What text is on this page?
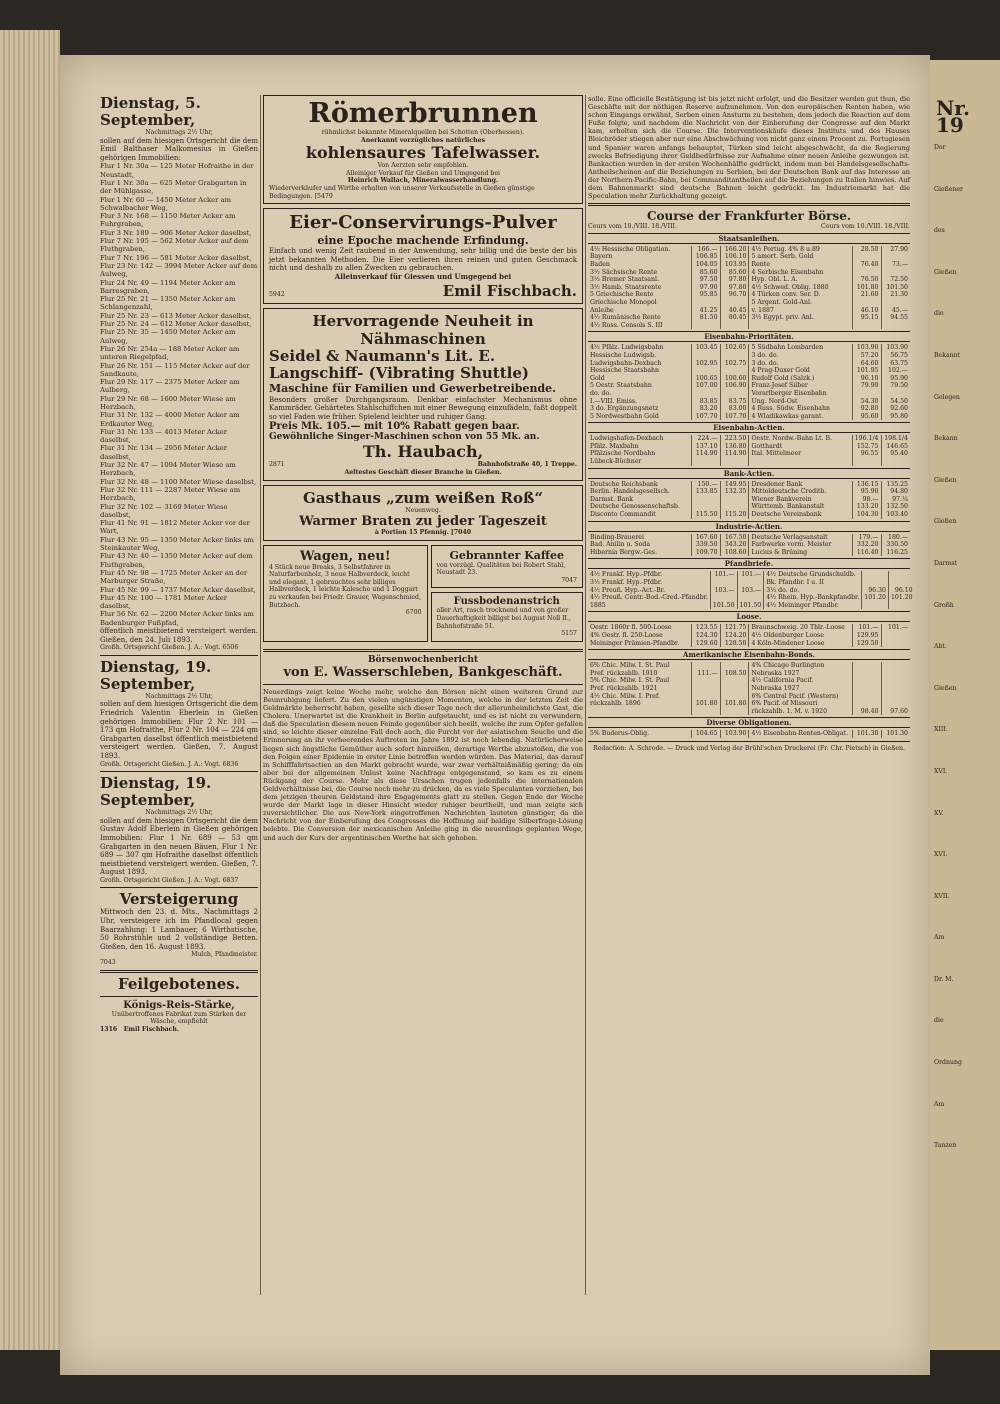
Dienstag, 5. September,
Nachmittags 2½ Uhr,
sollen auf dem hiesigen Ortsgericht die dem Emil Balthaser Malkomesius in Gießen gehörigen Immobilien:
Flur 1 Nr. 30a — 125 Meter Hofraithe in der Neustadt,
Flur 1 Nr. 30a — 625 Meter Grabgarten in der Mühlgasse,
Flur 1 Nr. 60 — 1450 Meter Acker am Schwalbacher Weg,
Flur 3 Nr. 168 — 1150 Meter Acker am Fuhrgraben,
Flur 3 Nr. 189 — 906 Meter Acker daselbst,
Flur 7 Nr. 195 — 562 Meter Acker auf dem Fluthgraben,
Flur 7 Nr. 196 — 581 Meter Acker daselbst,
Flur 23 Nr. 142 — 3994 Meter Acker auf dem Aulweg,
Flur 24 Nr. 49 — 1194 Meter Acker am Barresgraben,
Flur 25 Nr. 21 — 1350 Meter Acker am Schlangenzahl,
Flur 25 Nr. 23 — 613 Meter Acker daselbst,
Flur 25 Nr. 24 — 612 Meter Acker daselbst,
Flur 25 Nr. 35 — 1450 Meter Acker am Aulweg,
Flur 26 Nr. 254a — 188 Meter Acker am unteren Riegelpfad,
Flur 26 Nr. 151 — 115 Meter Acker auf der Sandkaute,
Flur 29 Nr. 117 — 2375 Meter Acker am Aulberg,
Flur 29 Nr. 68 — 1600 Meter Wiese am Herzbach,
Flur 31 Nr. 132 — 4000 Meter Acker am Erdkauter Weg,
Flur 31 Nr. 133 — 4013 Meter Acker daselbst,
Flur 31 Nr. 134 — 2956 Meter Acker daselbst,
Flur 32 Nr. 47 — 1094 Meter Wiese am Herzbach,
Flur 32 Nr. 48 — 1100 Meter Wiese daselbst,
Flur 32 Nr. 111 — 2287 Meter Wiese am Herzbach,
Flur 32 Nr. 102 — 3169 Meter Wiese daselbst,
Flur 41 Nr. 91 — 1812 Meter Acker vor der Wart,
Flur 43 Nr. 95 — 1350 Meter Acker links am Steinkauter Weg,
Flur 43 Nr. 40 — 1350 Meter Acker auf dem Fluthgraben,
Flur 45 Nr. 98 — 1725 Meter Acker an der Marburger Straße,
Flur 45 Nr. 99 — 1737 Meter Acker daselbst,
Flur 45 Nr. 100 — 1781 Meter Acker daselbst,
Flur 56 Nr. 62 — 2200 Meter Acker links am Badenburger Fußpfad,
öffentlich meistbietend versteigert werden. Gießen, den 24. Juli 1893.
Großh. Ortsgericht Gießen. J. A.: Vogt. 6506
Dienstag, 19. September,
Nachmittags 2½ Uhr,
sollen auf dem hiesigen Ortsgericht die dem Friedrich Valentin Eberlein in Gießen gehörigen Immobilien: Flur 2 Nr. 101 — 173 qm Hofraithe, Flur 2 Nr. 104 — 224 qm Grabgarten daselbst öffentlich meistbietend versteigert werden. Gießen, 7. August 1893.
Großh. Ortsgericht Gießen. J. A.: Vogt. 6836
Dienstag, 19. September,
Nachmittags 2½ Uhr,
sollen auf dem hiesigen Ortsgericht die dem Gustav Adolf Eberlein in Gießen gehörigen Immobilien: Flur 1 Nr. 689 — 53 qm Grabgarten in den neuen Bäuen, Flur 1 Nr. 689 — 307 qm Hofraithe daselbst öffentlich meistbietend versteigert werden. Gießen, 7. August 1893.
Großh. Ortsgericht Gießen. J. A.: Vogt. 6837
Versteigerung
Mittwoch den 23. d. Mts., Nachmittags 2 Uhr, versteigere ich im Pfandlocal gegen Baarzahlung: 1 Lambauer, 6 Wirthstische, 50 Rohrstühle und 2 vollständige Betten. Gießen, den 16. August 1893.
Mulch, Pfandmeister.
7043
Feilgebotenes.
Königs-Reis-Stärke,
Unübertroffenes Fabrikat zum Stärken der Wäsche, empfiehlt
1316 Emil Fischbach.
Römerbrunnen
rühmlichst bekannte Mineralquellen bei Schotten (Oberhessen).
Anerkannt vorzügliches natürliches
kohlensaures Tafelwasser.
Von Aerzten sehr empfohlen.
Alleiniger Verkauf für Gießen und Umgegend bei
Heinrich Wallach, Mineralwasserhandlung.
Wiederverkäufer und Wirthe erhalten von unserer Verkaufsstelle in Gießen günstige Bedingungen. [5479
Eier-Conservirungs-Pulver
eine Epoche machende Erfindung.
Einfach und wenig Zeit raubend in der Anwendung, sehr billig und die beste der bis jetzt bekannten Methoden. Die Eier verlieren ihren reinen und guten Geschmack nicht und deshalb zu allen Zwecken zu gebrauchen.
Alleinverkauf für Giessen und Umgegend bei
5942	Emil Fischbach.
Hervorragende Neuheit in Nähmaschinen
Seidel & Naumann's Lit. E.
Langschiff- (Vibrating Shuttle)
Maschine für Familien und Gewerbetreibende.
Besonders großer Durchgangsraum. Denkbar einfachster Mechanismus ohne Kammräder. Gehärtetes Stahlschiffchen mit einer Bewegung einzufädeln, faßt doppelt so viel Faden wie früher. Spielend leichter und ruhiger Gang.
Preis Mk. 105.— mit 10% Rabatt gegen baar.
Gewöhnliche Singer-Maschinen schon von 55 Mk. an.
Th. Haubach,
2871	Bahnhofstraße 40, 1 Treppe.
Aeltestes Geschäft dieser Branche in Gießen.
Gasthaus „zum weißen Roß“
Neuenweg.
Warmer Braten zu jeder Tageszeit
à Portion 15 Pfennig. [7040
Wagen, neu!
4 Stück neue Breaks, 3 Selbstfahrer in Naturfarbenholz, 3 neue Halbverdeck, leicht und elegant, 1 gebrauchtes sehr billiges Halbverdeck, 1 leichte Kalesche und 1 Doggart zu verkaufen bei Friedr. Grauer, Wagenschmied, Butzbach.
6700
Gebrannter Kaffee
von vorzügl. Qualitäten bei Robert Stahl, Neustadt 23.
7047
Fussbodenanstrich
aller Art, rasch trocknend und von großer Dauerhaftigkeit billigst bei August Noll II., Bahnhofstraße 51.
5157
Börsenwochenbericht
von E. Wasserschleben, Bankgeschäft.
Neuerdings zeigt keine Woche mehr, welche den Börsen nicht einen weiteren Grund zur Beunruhigung liefert. Zu den vielen ungünstigen Momenten, welche in der letzten Zeit die Geldmärkte beherrscht haben, gesellte sich dieser Tage noch der allerunheimlichste Gast, die Cholera. Unerwartet ist die Krankheit in Berlin aufgetaucht, und es ist nicht zu verwundern, daß die Speculation diesem neuen Feinde gegenüber sich beeilt, welche ihr zum Opfer gefallen sind, so leichte dieser einzelne Fall doch auch, die Furcht vor der asiatischen Seuche und die Erinnerung an ihr verheerendes Auftreten im Jahre 1892 ist noch lebendig. Natürlicherweise liegen sich ängstliche Gemüther auch sofort hinreißen, derartige Werthe abzustoßen, die von den Folgen einer Epidemie in erster Linie betroffen werden würden. Das Material, das darauf in Schifffahrtsactien an den Markt gebracht wurde, war zwar verhältnißmäßig gering; da ein aber bei der allgemeinen Unlust keine Nachfrage entgegenstand, so kam es zu einem Rückgang der Course. Mehr als diese Ursachen trugen jedenfalls die internationalen Geldverhältnisse bei, die Course noch mehr zu drücken, da es viele Speculanten vorziehen, bei dem jetzigen theuren Geldstand ihre Engagements glatt zu stellen. Gegen Ende der Woche wurde der Markt lage in dieser Hinsicht wieder ruhiger beurtheilt, und man zeigte sich zuversichtlicher. Die aus New-York eingetroffenen Nachrichten lauteten günstiger, da die Nachricht von der Einberufung des Congresses die Hoffnung auf baldige Silberfrage-Lösung belebte. Die Conversion der mexicanischen Anleihe ging in die neuerdings geplanten Wege, und auch der Kurs der argentinischen Werthe hat sich gehoben.
solle. Eine officielle Bestätigung ist bis jetzt nicht erfolgt, und die Besitzer werden gut thun, die Geschäfte mit der nöthigen Reserve aufzunehmen. Von den europäischen Renten haben, wie schon Eingangs erwähnt, Serben einen Ansturm zu bestehen, dem jedoch die Reaction auf dem Fuße folgte, und nachdem die Nachricht von der Einberufung der Congresse auf den Markt kam, erholten sich die Course. Die Interventionskäufe dieses Instituts und des Hauses Bleichröder stiegen aber nur eine Abschwächung von nicht ganz einem Procent zu. Portugiesen und Spanier waren anfangs behauptet, Türken sind leicht abgeschwächt, da die Regierung zwecks Befriedigung ihrer Geldbedürfnisse zur Aufnahme einer neuen Anleihe gezwungen ist. Bankactien wurden in der ersten Wochenhälfte gedrückt, indem man bei Handelsgesellschafts-Antheilscheinen auf die Beziehungen zu Serbien, bei der Deutschen Bank auf das Interesse an der Northern-Pacific-Bahn, bei Commanditantheilen auf die Beziehungen zu Italien hinwies. Auf dem Bahnenmarkt sind deutsche Bahnen leicht gedrückt. Im Industriemarkt hat die Speculation mehr Zurückhaltung gezeigt.
Course der Frankfurter Börse.
Cours vom 10./VIII. 18./VIII.	Cours vom 10./VIII. 18./VIII.
Staatsanleihen.
4½ Hessische Obligation.	166.—	166.20	4½ Portug. 4% 8 u.89	28.50	27.90
Bayern	106.85	106.10	5 amort. Serb. Gold		
Baden	104.05	103.95	Rente	76.40	73.—
3½ Sächsische Rente	85.60	85.60	4 Serbische Eisenbahn		
3½ Bremer Staatsanl.	97.50	97.80	Hyp. Obl. L. A.	76.50	72.50
3½ Hamb. Staatsrente	97.90	97.80	4½ Schwed. Oblig. 1880	101.80	101.50
5 Griechische Rente	95.85	96.70	4 Türken conv. Ser. D.	21.60	21.30
Griechische Monopol			5 Argent. Gold-Anl.		
Anleihe	41.25	40.45	v. 1887	46.10	45.—
4½ Rumänische Rente	81.50	80.45	3½ Egypt. priv. Anl.	95.15	94.55
4½ Russ. Consols S. III					
Eisenbahn-Prioritäten.
4½ Pfälz. Ludwigsbahn	103.45	102.65	5 Südbahn Lombarden	103.90	103.90
Hessische Ludwigsb.			3 do. do.	57.20	56.75
Ludwigsbahn-Dexbach	102.95	102.75	3 do. do.	64.60	63.75
Hessische Staatsbahn			4 Prag-Duxer Gold	101.95	102.—
Gold	100.65	100.60	Rudolf Gold (Salzk.)	96.10	95.90
5 Oestr. Staatsbahn	107.00	106.90	Franz-Josef Silber	79.90	79.50
do. do.			Vorarlberger Eisenbahn		
I.—VIII. Emiss.	83.85	83.75	Ung. Nord-Ost	54.30	54.50
3 do. Ergänzungsnetz	83.20	83.00	4 Russ. Südw. Eisenbahn	92.80	92.60
5 Nordwestbahn Gold	107.70	107.70	4 Wladikawkas garant.	95.60	95.80
Eisenbahn-Actien.
Ludwigshafen-Dexbach	224.—	223.50	Oestr. Nordw.-Bahn Lt. B.	196.1/4	198.1/4
Pfälz. Maxbahn	137.10	136.80	Gotthardt	152.75	146.65
Pfälzische Nordbahn	114.90	114.90	Ital. Mittelmeer	96.55	95.40
Lübeck-Büchner					
Bank-Actien.
Deutsche Reichsbank	150.—	149.95	Dresdener Bank	136.15	135.25
Berlin. Handelsgesellsch.	133.85	132.35	Mitteldeutsche Creditb.	95.90	94.80
Darmst. Bank			Wiener Bankverein	98.—	97.¼
Deutsche Genossenschaftsb.			Württemb. Bankanstalt	133.20	132.50
Disconto Commandit	115.50	115.20	Deutsche Vereinsbank	104.30	103.40
Industrie-Actien.
Binding-Brauerei	167.60	167.50	Deutsche Verlagsanstalt	179.—	180.—
Bad. Anilin u. Soda	339.50	343.20	Farbwerke vorm. Meister	332.20	330.50
Hibernia Bergw.-Ges.	109.70	108.60	Lucius & Brüning	116.40	116.25
Pfandbriefe.
4½ Frankf. Hyp.-Pfdbr.	101.—	101.—	4½ Deutsche Grundschuldb.		
3½ Frankf. Hyp.-Pfdbr.			Bk. Pfandbr. I u. II		
4½ Preuß. Hyp.-Act.-Br.	103.—	103.—	3½ do. do.	96.30	96.10
4½ Preuß. Centr.-Bod.-Cred.-Pfandbr.			4½ Rhein. Hyp.-Bankpfandbr.	101.20	101.20
1885	101.50	101.50	4½ Meininger Pfandbr.		
Loose.
Oestr. 1860r fl. 500-Loose	123.55	121.75	Braunschweig. 20 Thlr.-Loose	101.—	101.—
4% Oestr. fl. 250-Loose	124.30	124.20	4½ Oldenburger Loose	129.95	
Meininger Prämien-Pfandbr.	129.60	128.50	4 Köln-Mindener Loose	129.50	
Amerikanische Eisenbahn-Bonds.
6% Chic. Milw. I. St. Paul			4% Chicago Burlington		
Pref. rückzahlb. 1910	111.—	108.50	Nebraska 1927		
5% Chic. Milw. I. St. Paul			4½ California Pacif.		
Pref. rückzahlb. 1921			Nebraska 1927		
4½ Chic. Milw. I. Pref.			6% Central Pacif. (Western)		
rückzahlb. 1896	101.80	101.80	6% Pacif. of Missouri		
			rückzahlb. 1. M. v. 1920	98.40	97.60
Diverse Obligationen.
5% Buderus-Oblig.	104.65	103.90	4½ Eisenbahn-Renten-Obligat.	101.30	101.30
Redaction: A. Schrode. — Druck und Verlag der Brühl'schen Druckerei (Fr. Chr. Pietsch) in Gießen.
Nr. 19
Der
Gießener
des
Gießen
die
Bekannt
Gelegen
Bekann
Gießen
Gießen
Darmst
Großh
Abt.
Gießen
XIII.
XVI.
XV.
XVI.
XVII.
Am
Dr. M.
die
Ordnung
Am
Tanzen
